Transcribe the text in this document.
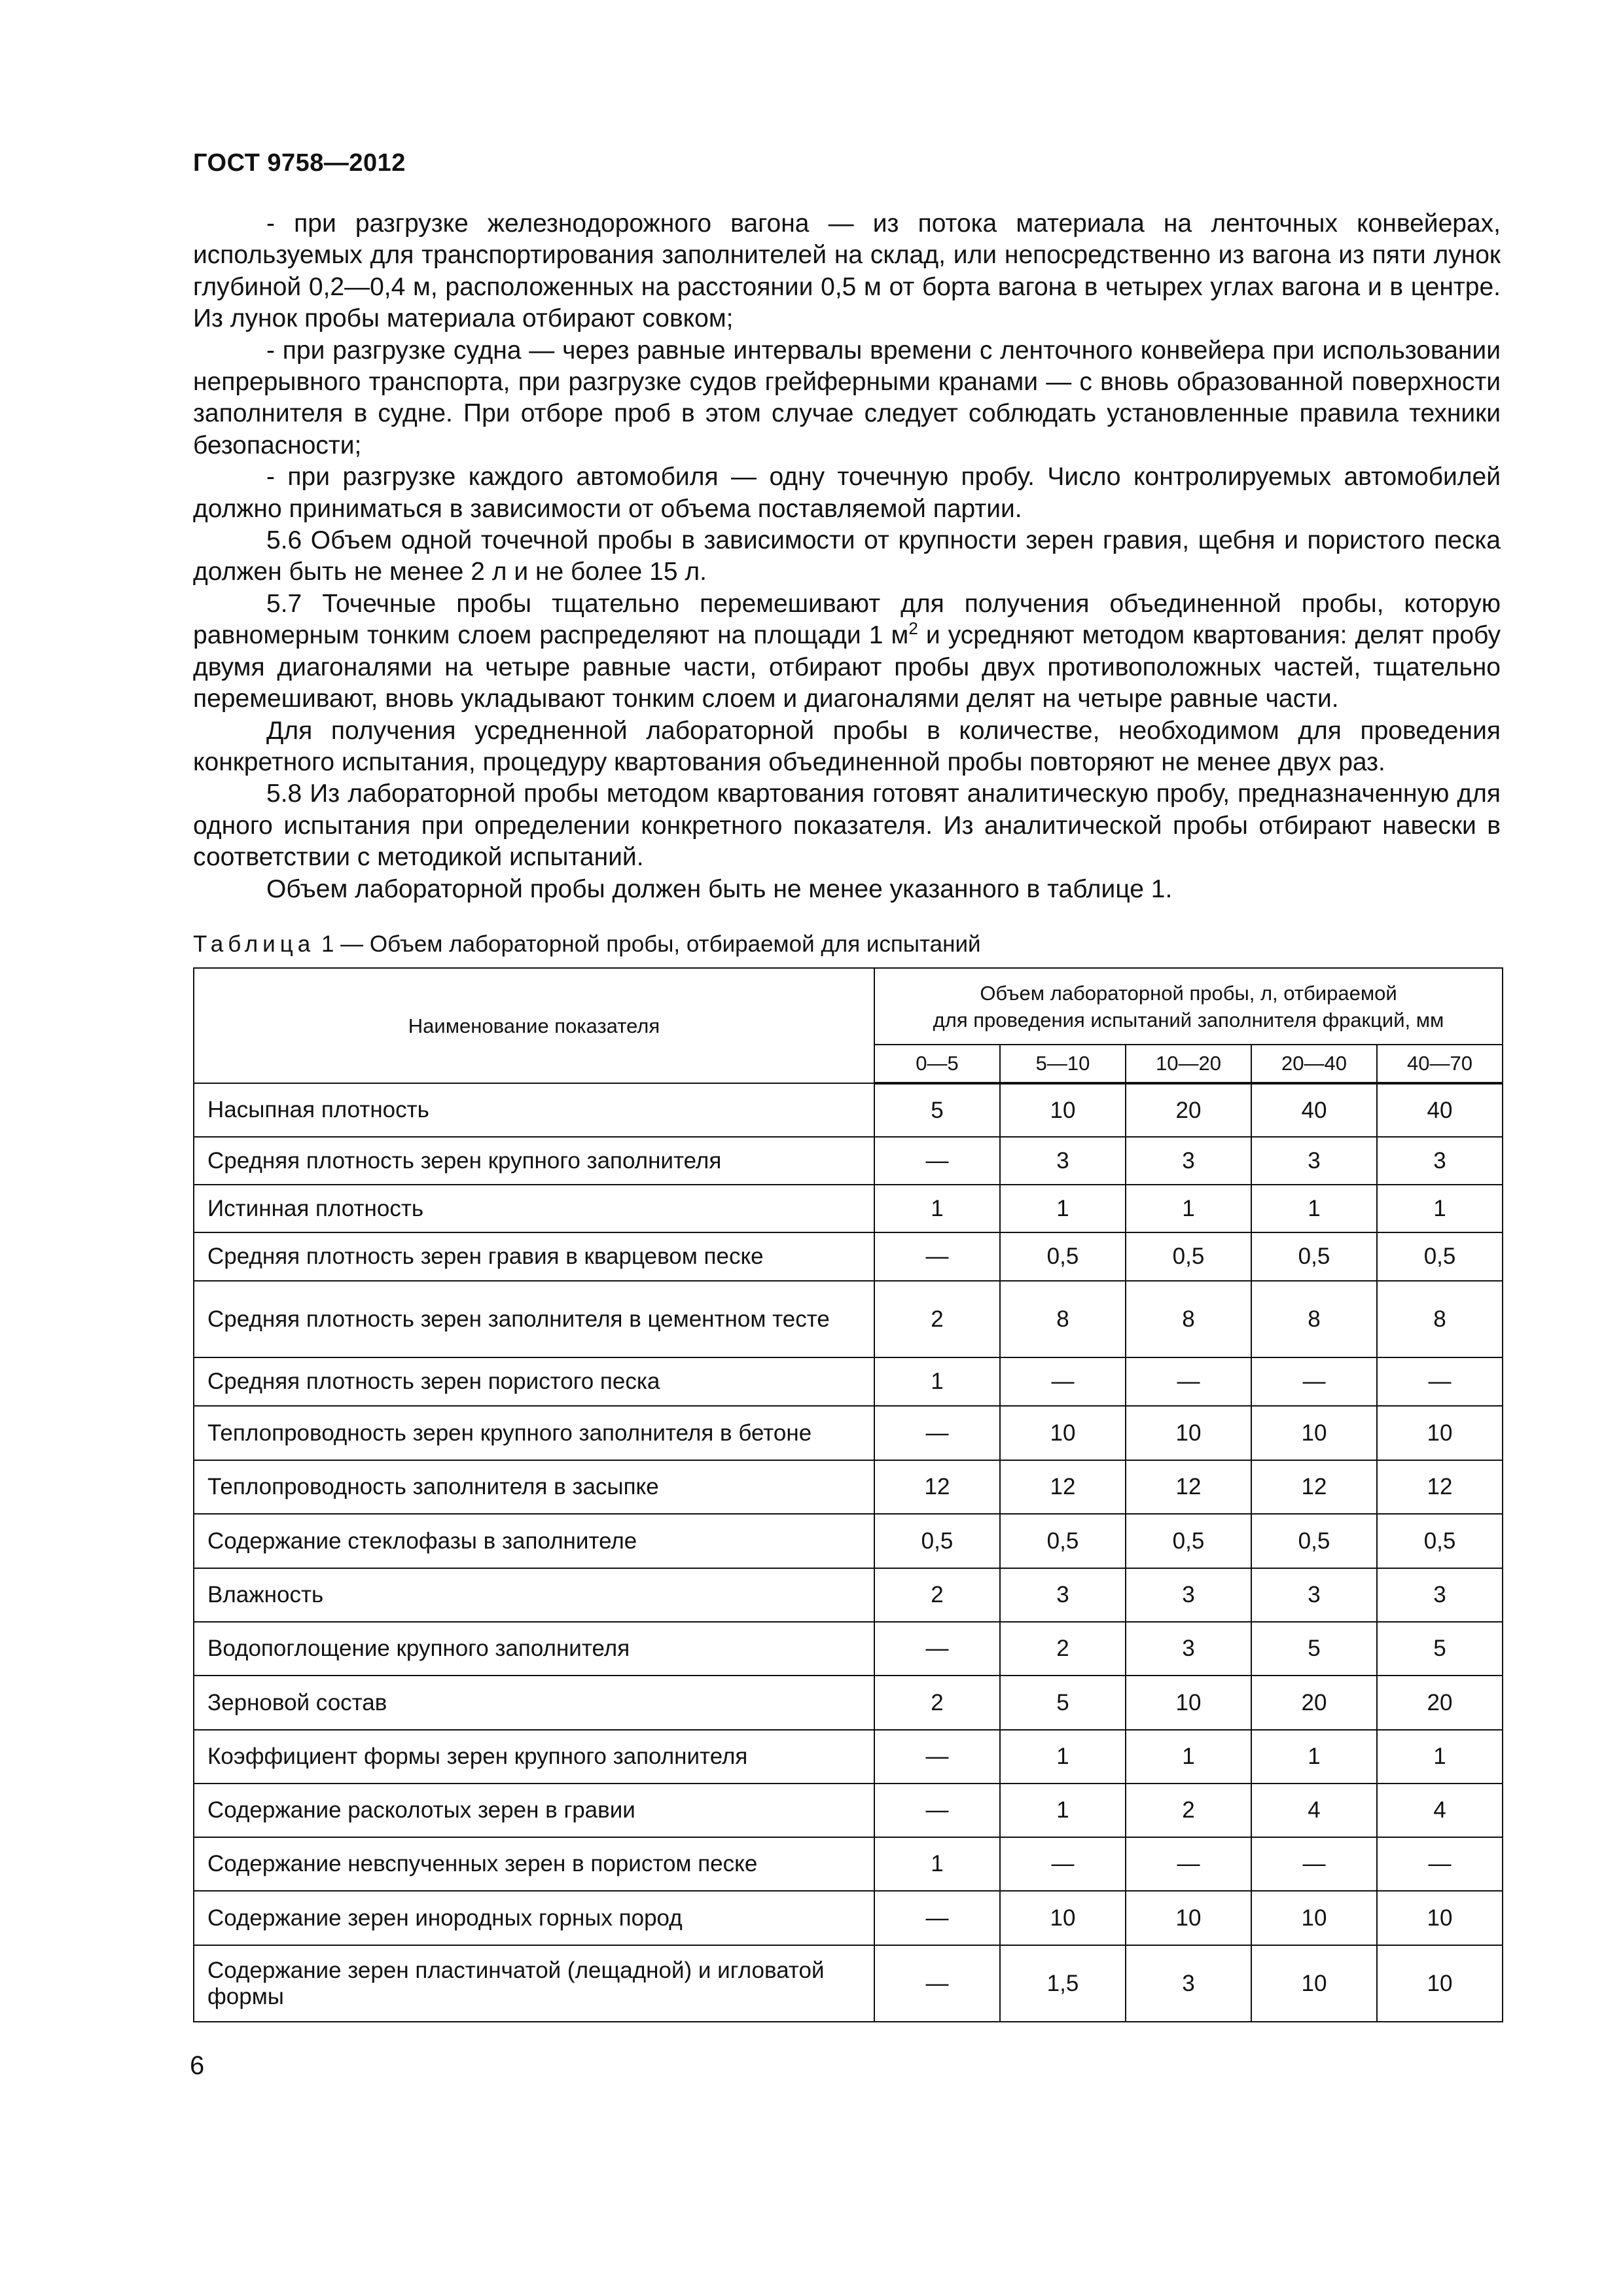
ГОСТ 9758—2012

- при разгрузке железнодорожного вагона — из потока материала на ленточных конвейерах, используемых для транспортирования заполнителей на склад, или непосредственно из вагона из пяти лунок глубиной 0,2—0,4 м, расположенных на расстоянии 0,5 м от борта вагона в четырех углах вагона и в центре. Из лунок пробы материала отбирают совком;

- при разгрузке судна — через равные интервалы времени с ленточного конвейера при использовании непрерывного транспорта, при разгрузке судов грейферными кранами — с вновь образованной поверхности заполнителя в судне. При отборе проб в этом случае следует соблюдать установленные правила техники безопасности;

- при разгрузке каждого автомобиля — одну точечную пробу. Число контролируемых автомобилей должно приниматься в зависимости от объема поставляемой партии.

5.6 Объем одной точечной пробы в зависимости от крупности зерен гравия, щебня и пористого песка должен быть не менее 2 л и не более 15 л.

5.7 Точечные пробы тщательно перемешивают для получения объединенной пробы, которую равномерным тонким слоем распределяют на площади 1 $м^2$ и усредняют методом квартования: делят пробу двумя диагоналями на четыре равные части, отбирают пробы двух противоположных частей, тщательно перемешивают, вновь укладывают тонким слоем и диагоналями делят на четыре равные части.

Для получения усредненной лабораторной пробы в количестве, необходимом для проведения конкретного испытания, процедуру квартования объединенной пробы повторяют не менее двух раз.

5.8 Из лабораторной пробы методом квартования готовят аналитическую пробу, предназначенную для одного испытания при определении конкретного показателя. Из аналитической пробы отбирают навески в соответствии с методикой испытаний.

Объем лабораторной пробы должен быть не менее указанного в таблице 1.

Таблица 1 — Объем лабораторной пробы, отбираемой для испытаний
Наименование показателя	Объем лабораторной пробы, л, отбираемой
для проведения испытаний заполнителя фракций, мм				
	0—5	5—10	10—20	20—40	40—70
Насыпная плотность	5	10	20	40	40
Средняя плотность зерен крупного заполнителя	—	3	3	3	3
Истинная плотность	1	1	1	1	1
Средняя плотность зерен гравия в кварцевом песке	—	0,5	0,5	0,5	0,5
Средняя плотность зерен заполнителя в цементном тесте	2	8	8	8	8
Средняя плотность зерен пористого песка	1	—	—	—	—
Теплопроводность зерен крупного заполнителя в бетоне	—	10	10	10	10
Теплопроводность заполнителя в засыпке	12	12	12	12	12
Содержание стеклофазы в заполнителе	0,5	0,5	0,5	0,5	0,5
Влажность	2	3	3	3	3
Водопоглощение крупного заполнителя	—	2	3	5	5
Зерновой состав	2	5	10	20	20
Коэффициент формы зерен крупного заполнителя	—	1	1	1	1
Содержание расколотых зерен в гравии	—	1	2	4	4
Содержание невспученных зерен в пористом песке	1	—	—	—	—
Содержание зерен инородных горных пород	—	10	10	10	10
Содержание зерен пластинчатой (лещадной) и игловатой формы	—	1,5	3	10	10
6
